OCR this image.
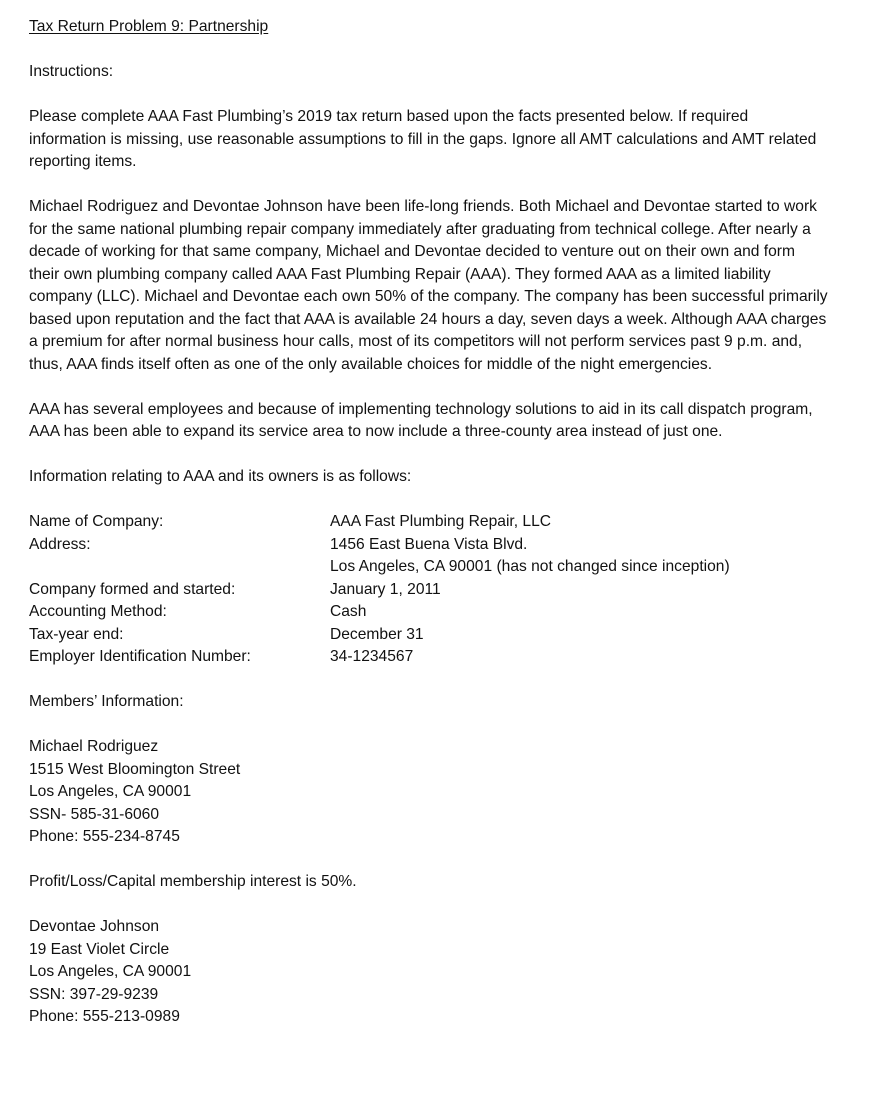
Tax Return Problem 9: Partnership

Instructions:

Please complete AAA Fast Plumbing’s 2019 tax return based upon the facts presented below. If required information is missing, use reasonable assumptions to fill in the gaps. Ignore all AMT calculations and AMT related reporting items.

Michael Rodriguez and Devontae Johnson have been life-long friends. Both Michael and Devontae started to work for the same national plumbing repair company immediately after graduating from technical college. After nearly a decade of working for that same company, Michael and Devontae decided to venture out on their own and form their own plumbing company called AAA Fast Plumbing Repair (AAA). They formed AAA as a limited liability company (LLC). Michael and Devontae each own 50% of the company. The company has been successful primarily based upon reputation and the fact that AAA is available 24 hours a day, seven days a week. Although AAA charges a premium for after normal business hour calls, most of its competitors will not perform services past 9 p.m. and, thus, AAA finds itself often as one of the only available choices for middle of the night emergencies.

AAA has several employees and because of implementing technology solutions to aid in its call dispatch program, AAA has been able to expand its service area to now include a three-county area instead of just one.

Information relating to AAA and its owners is as follows:

Name of Company:	AAA Fast Plumbing Repair, LLC
Address:	1456 East Buena Vista Blvd.
Los Angeles, CA 90001 (has not changed since inception)

Company formed and started:	January 1, 2011
Accounting Method:	Cash
Tax-year end:	December 31
Employer Identification Number:	34-1234567

Members’ Information:

Michael Rodriguez
1515 West Bloomington Street
Los Angeles, CA 90001
SSN- 585-31-6060
Phone: 555-234-8745

Profit/Loss/Capital membership interest is 50%.

Devontae Johnson
19 East Violet Circle
Los Angeles, CA 90001
SSN: 397-29-9239
Phone: 555-213-0989
